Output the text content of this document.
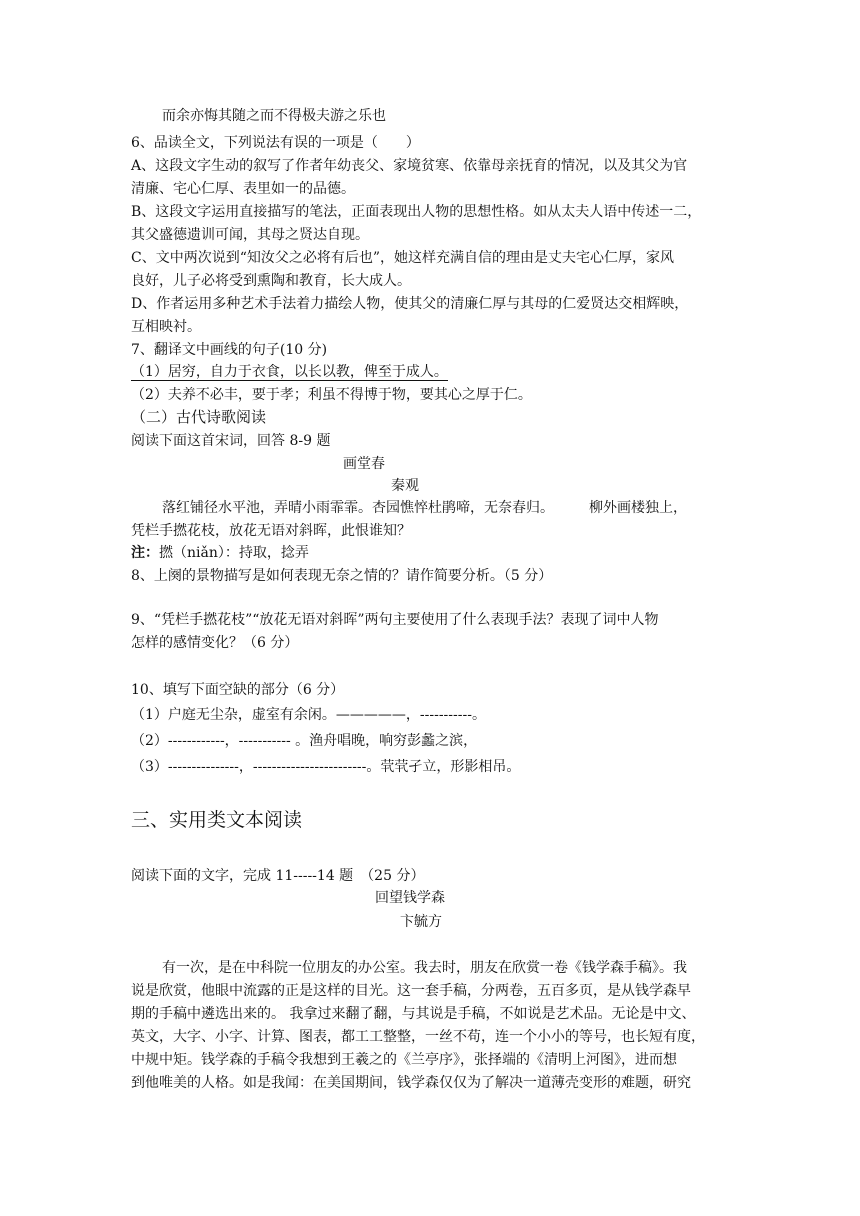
而余亦悔其随之而不得极夫游之乐也
6、品读全文，下列说法有误的一项是（　　）
A、这段文字生动的叙写了作者年幼丧父、家境贫寒、依靠母亲抚育的情况，以及其父为官
清廉、宅心仁厚、表里如一的品德。
B、这段文字运用直接描写的笔法，正面表现出人物的思想性格。如从太夫人语中传述一二，
其父盛德遗训可闻，其母之贤达自现。
C、文中两次说到“知汝父之必将有后也”，她这样充满自信的理由是丈夫宅心仁厚，家风
良好，儿子必将受到熏陶和教育，长大成人。
D、作者运用多种艺术手法着力描绘人物，使其父的清廉仁厚与其母的仁爱贤达交相辉映，
互相映衬。
7、翻译文中画线的句子(10 分)
（1）居穷，自力于衣食，以长以教，俾至于成人。
（2）夫养不必丰，要于孝；利虽不得博于物，要其心之厚于仁。
（二）古代诗歌阅读
阅读下面这首宋词，回答 8-9 题
画堂春
秦观
落红铺径水平池，弄晴小雨霏霏。杏园憔悴杜鹃啼，无奈春归。　　　柳外画楼独上，
凭栏手撚花枝，放花无语对斜晖，此恨谁知？
注：撚（niǎn）：持取，捻弄
8、上阕的景物描写是如何表现无奈之情的？请作简要分析。（5 分）
9、“凭栏手撚花枝”“放花无语对斜晖”两句主要使用了什么表现手法？表现了词中人物
怎样的感情变化？（6 分）
10、填写下面空缺的部分（6 分）
（1）户庭无尘杂，虚室有余闲。—————，-----------。
（2）------------，----------- 。渔舟唱晚，响穷彭蠡之滨，
（3）---------------，------------------------。茕茕孑立，形影相吊。
三、实用类文本阅读
阅读下面的文字，完成 11-----14 题　（25 分）
回望钱学森
卞毓方
有一次，是在中科院一位朋友的办公室。我去时，朋友在欣赏一卷《钱学森手稿》。我
说是欣赏，他眼中流露的正是这样的目光。这一套手稿，分两卷，五百多页，是从钱学森早
期的手稿中遴选出来的。 我拿过来翻了翻，与其说是手稿，不如说是艺术品。无论是中文、
英文，大字、小字、计算、图表，都工工整整，一丝不苟，连一个小小的等号，也长短有度，
中规中矩。钱学森的手稿令我想到王羲之的《兰亭序》，张择端的《清明上河图》，进而想
到他唯美的人格。如是我闻：在美国期间，钱学森仅仅为了解决一道薄壳变形的难题，研究
